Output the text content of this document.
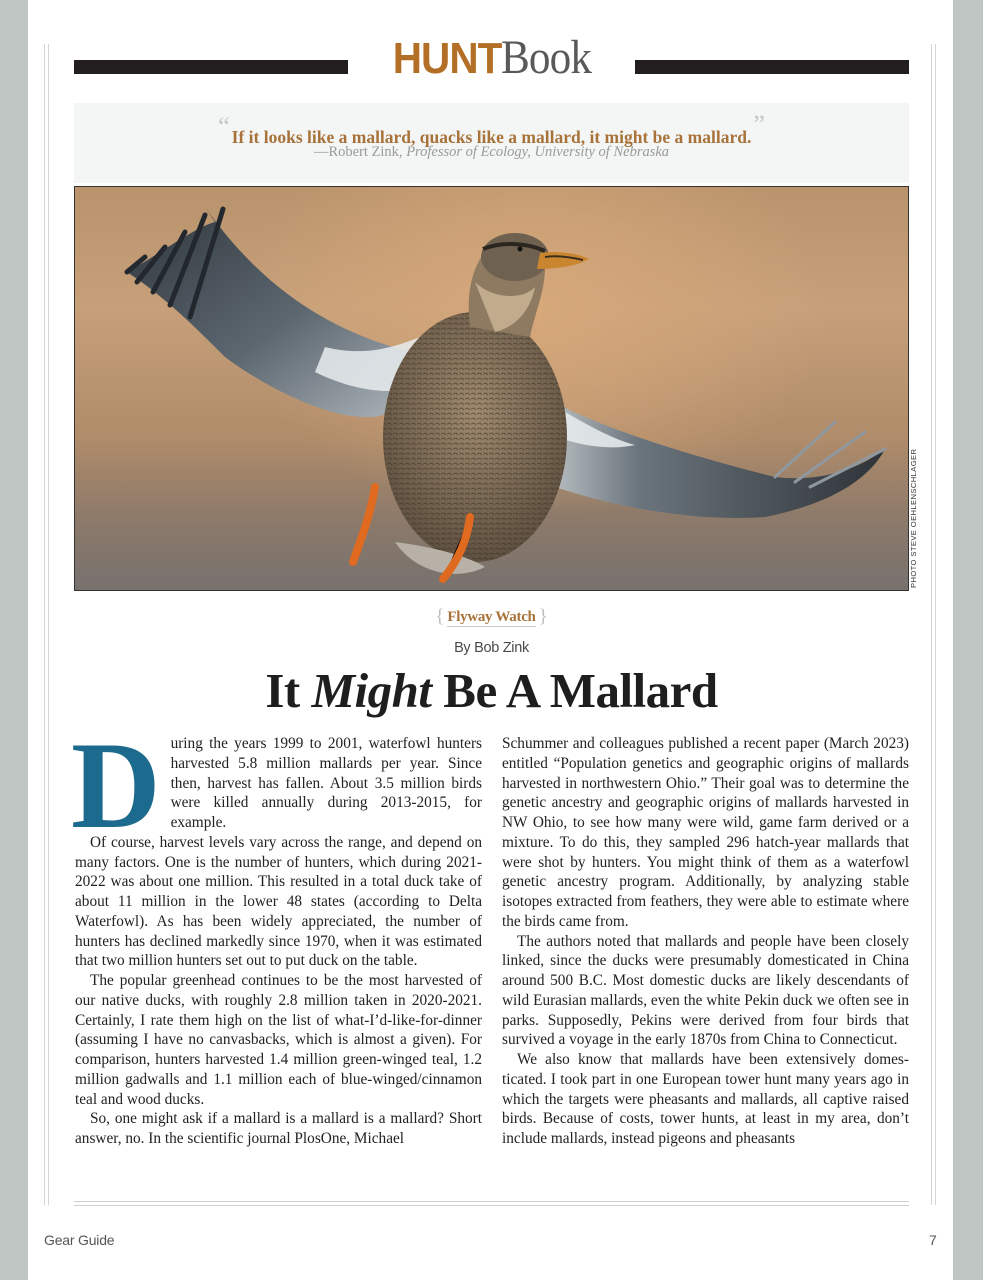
HUNTBook
“ If it looks like a mallard, quacks like a mallard, it might be a mallard.”
—Robert Zink, Professor of Ecology, University of Nebraska
PHOTO STEVE OEHLENSCHLAGER
{ Flyway Watch }
By Bob Zink
It Might Be A Mallard

During the years 1999 to 2001, waterfowl hunters harvested 5.8 million mallards per year. Since then, harvest has fallen. About 3.5 million birds were killed annually during 2013-2015, for example.

Of course, harvest levels vary across the range, and depend on many factors. One is the number of hunters, which during 2021-2022 was about one million. This resulted in a total duck take of about 11 million in the lower 48 states (according to Delta Waterfowl). As has been widely appreciated, the number of hunters has declined markedly since 1970, when it was estimated that two million hunters set out to put duck on the table.

The popular greenhead continues to be the most harvested of our native ducks, with roughly 2.8 million taken in 2020-2021. Certainly, I rate them high on the list of what-I’d-like-for-dinner (assuming I have no canvasbacks, which is almost a given). For comparison, hunters harvested 1.4 million green-winged teal, 1.2 million gadwalls and 1.1 million each of blue-winged/cinnamon teal and wood ducks.

So, one might ask if a mallard is a mallard is a mallard? Short answer, no. In the scientific journal PlosOne, Michael

Schummer and colleagues published a recent paper (March 2023) entitled “Population genetics and geographic origins of mallards harvested in northwestern Ohio.” Their goal was to determine the genetic ancestry and geographic origins of mallards harvested in NW Ohio, to see how many were wild, game farm derived or a mixture. To do this, they sampled 296 hatch-year mallards that were shot by hunters. You might think of them as a waterfowl genetic ancestry program. Additionally, by analyzing stable isotopes extracted from feathers, they were able to estimate where the birds came from.

The authors noted that mallards and people have been closely linked, since the ducks were presumably domesticated in China around 500 B.C. Most domestic ducks are likely descendants of wild Eurasian mallards, even the white Pekin duck we often see in parks. Supposedly, Pekins were derived from four birds that survived a voyage in the early 1870s from China to Connecticut.

We also know that mallards have been extensively domesticated. I took part in one European tower hunt many years ago in which the targets were pheasants and mallards, all captive raised birds. Because of costs, tower hunts, at least in my area, don’t include mallards, instead pigeons and pheasants

Gear Guide	7
